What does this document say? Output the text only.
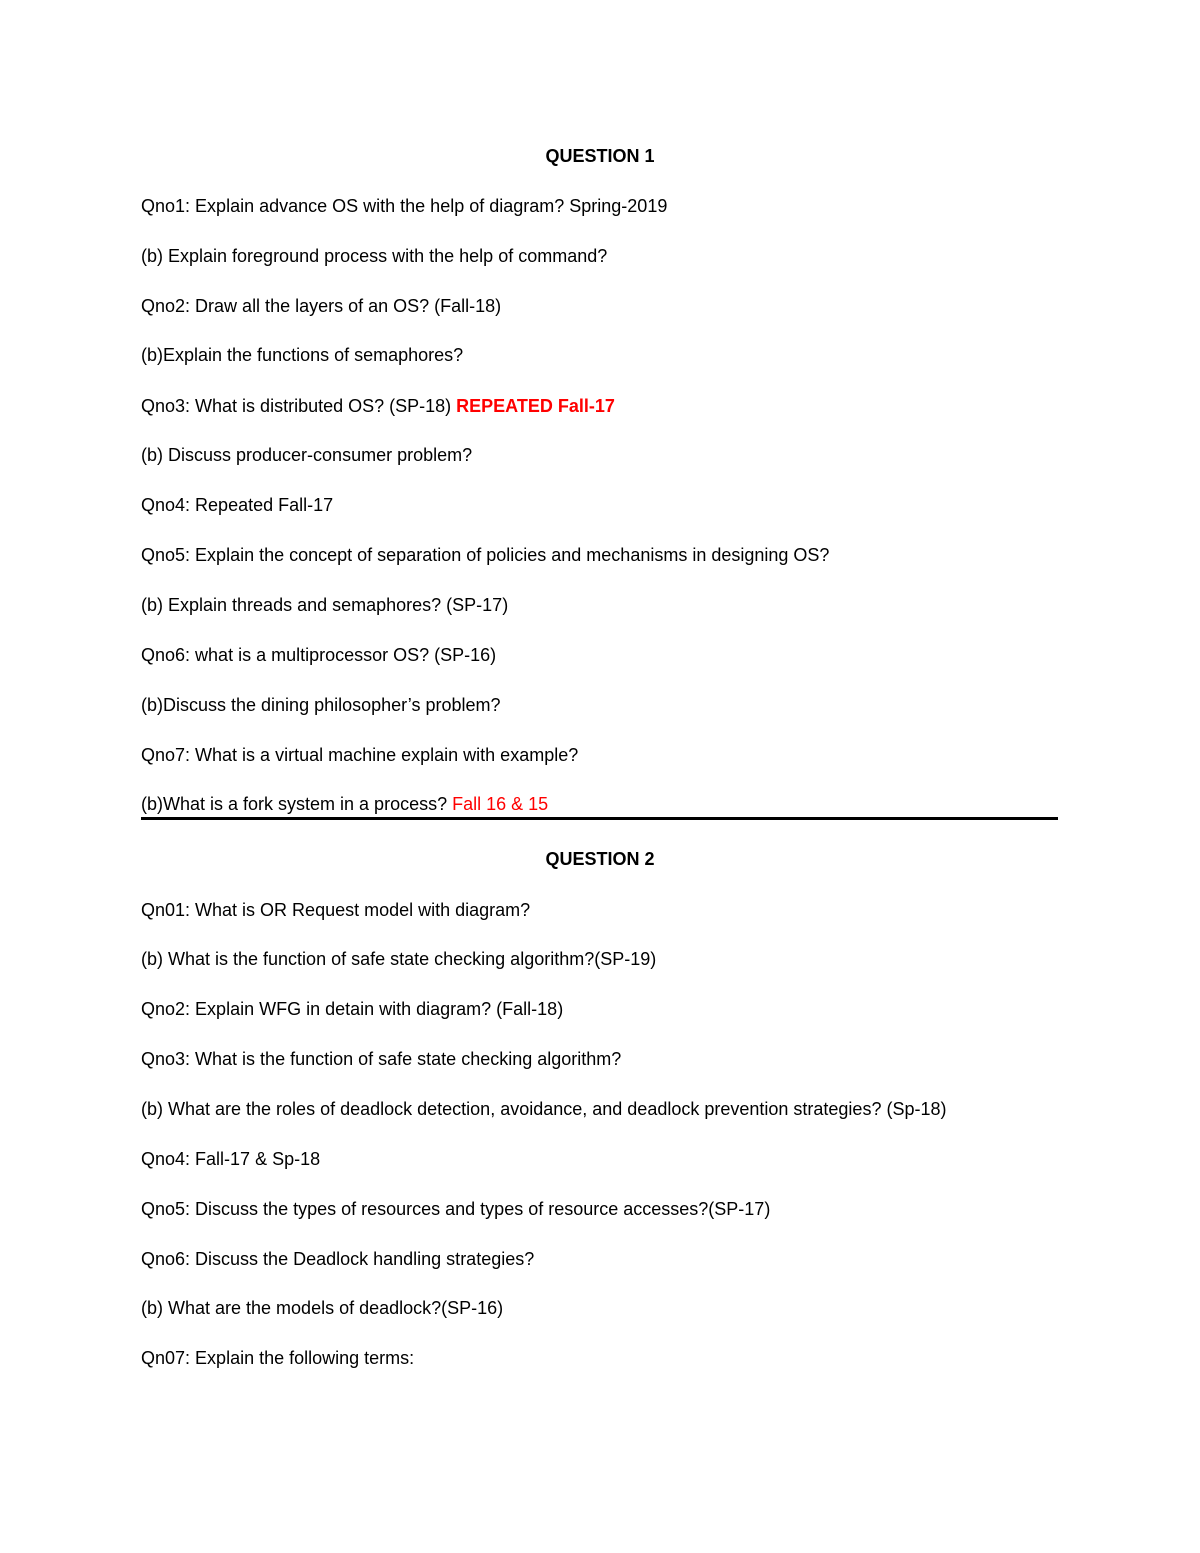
QUESTION 1
Qno1: Explain advance OS with the help of diagram? Spring-2019
(b) Explain foreground process with the help of command?
Qno2: Draw all the layers of an OS? (Fall-18)
(b)Explain the functions of semaphores?
Qno3: What is distributed OS? (SP-18) REPEATED Fall-17
(b) Discuss producer-consumer problem?
Qno4: Repeated Fall-17
Qno5: Explain the concept of separation of policies and mechanisms in designing OS?
(b) Explain threads and semaphores? (SP-17)
Qno6: what is a multiprocessor OS? (SP-16)
(b)Discuss the dining philosopher’s problem?
Qno7: What is a virtual machine explain with example?
(b)What is a fork system in a process? Fall 16 & 15
QUESTION 2
Qn01: What is OR Request model with diagram?
(b) What is the function of safe state checking algorithm?(SP-19)
Qno2: Explain WFG in detain with diagram? (Fall-18)
Qno3: What is the function of safe state checking algorithm?
(b) What are the roles of deadlock detection, avoidance, and deadlock prevention strategies? (Sp-18)
Qno4: Fall-17 & Sp-18
Qno5: Discuss the types of resources and types of resource accesses?(SP-17)
Qno6: Discuss the Deadlock handling strategies?
(b) What are the models of deadlock?(SP-16)
Qn07: Explain the following terms:
